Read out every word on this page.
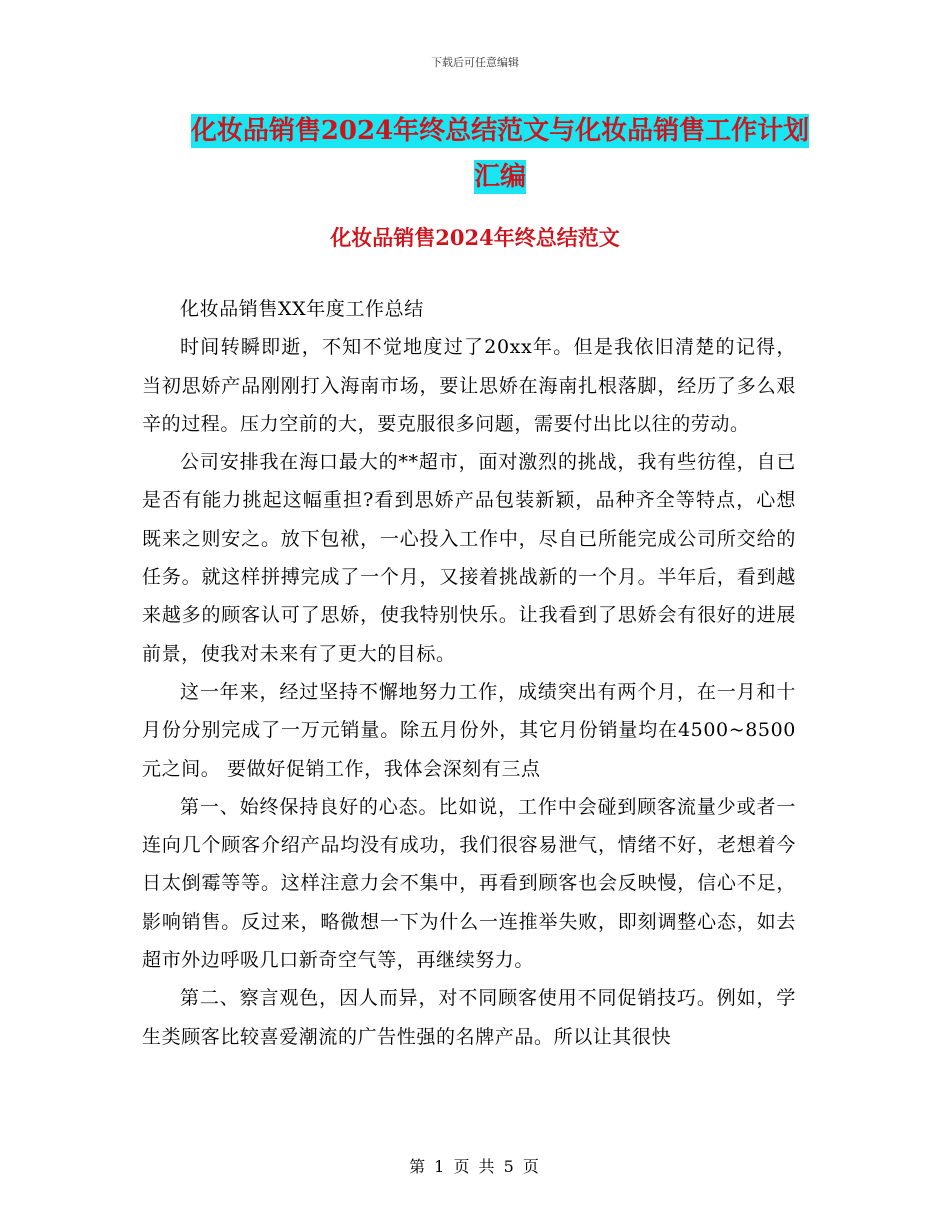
下载后可任意编辑
化妆品销售2024年终总结范文与化妆品销售工作计划
汇编
化妆品销售2024年终总结范文

化妆品销售XX年度工作总结

时间转瞬即逝，不知不觉地度过了20xx年。但是我依旧清楚的记得，当初思娇产品刚刚打入海南市场，要让思娇在海南扎根落脚，经历了多么艰辛的过程。压力空前的大，要克服很多问题，需要付出比以往的劳动。

公司安排我在海口最大的**超市，面对激烈的挑战，我有些彷徨，自已是否有能力挑起这幅重担?看到思娇产品包装新颖，品种齐全等特点，心想既来之则安之。放下包袱，一心投入工作中，尽自已所能完成公司所交给的任务。就这样拼搏完成了一个月，又接着挑战新的一个月。半年后，看到越来越多的顾客认可了思娇，使我特别快乐。让我看到了思娇会有很好的进展前景，使我对未来有了更大的目标。

这一年来，经过坚持不懈地努力工作，成绩突出有两个月，在一月和十月份分别完成了一万元销量。除五月份外，其它月份销量均在4500~8500元之间。 要做好促销工作，我体会深刻有三点

第一、始终保持良好的心态。比如说，工作中会碰到顾客流量少或者一连向几个顾客介绍产品均没有成功，我们很容易泄气，情绪不好，老想着今日太倒霉等等。这样注意力会不集中，再看到顾客也会反映慢，信心不足，影响销售。反过来，略微想一下为什么一连推举失败，即刻调整心态，如去超市外边呼吸几口新奇空气等，再继续努力。

第二、察言观色，因人而异，对不同顾客使用不同促销技巧。例如，学生类顾客比较喜爱潮流的广告性强的名牌产品。所以让其很快

第 1 页 共 5 页
